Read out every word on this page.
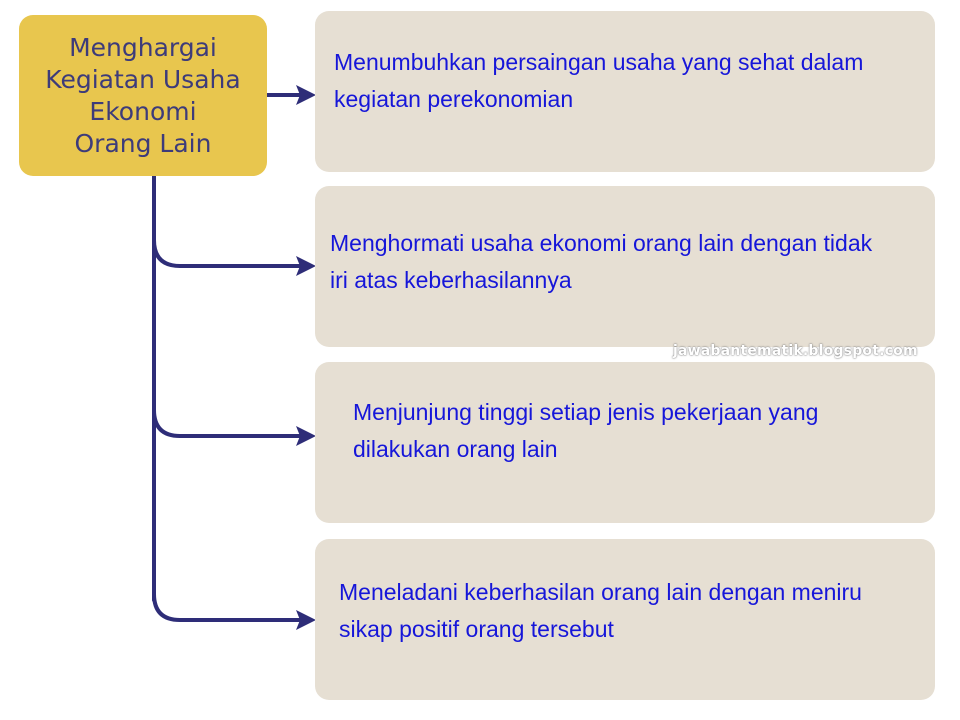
Menghargai
Kegiatan Usaha
Ekonomi
Orang Lain
Menumbuhkan persaingan usaha yang sehat dalam
kegiatan perekonomian
Menghormati usaha ekonomi orang lain dengan tidak
iri atas keberhasilannya
Menjunjung tinggi setiap jenis pekerjaan yang
dilakukan orang lain
Meneladani keberhasilan orang lain dengan meniru
sikap positif orang tersebut
jawabantematik.blogspot.com
